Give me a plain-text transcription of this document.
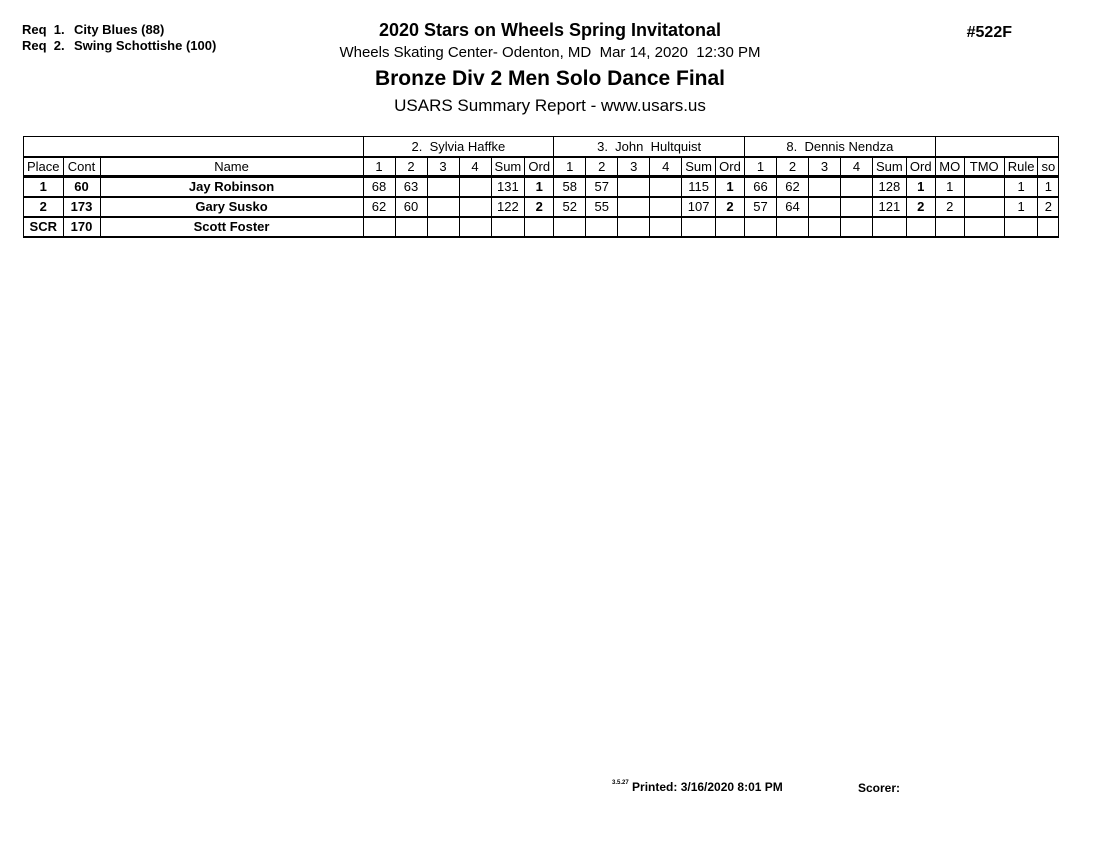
Req  1. City Blues (88)
Req  2. Swing Schottishe (100)
2020 Stars on Wheels Spring Invitatonal
Wheels Skating Center- Odenton, MD  Mar 14, 2020  12:30 PM
Bronze Div 2 Men Solo Dance Final
USARS Summary Report - www.usars.us
#522F
			2.  Sylvia Haffke						3.  John  Hultquist						8.  Dennis Nendza									
Place	Cont	Name	1	2	3	4	Sum	Ord	1	2	3	4	Sum	Ord	1	2	3	4	Sum	Ord	MO	TMO	Rule	so
1	60	Jay Robinson	68	63			131	1	58	57			115	1	66	62			128	1	1		1	1
2	173	Gary Susko	62	60			122	2	52	55			107	2	57	64			121	2	2		1	2
SCR	170	Scott Foster																						
$^{3.5.27}$ Printed: 3/16/2020 8:01 PM	Scorer:
